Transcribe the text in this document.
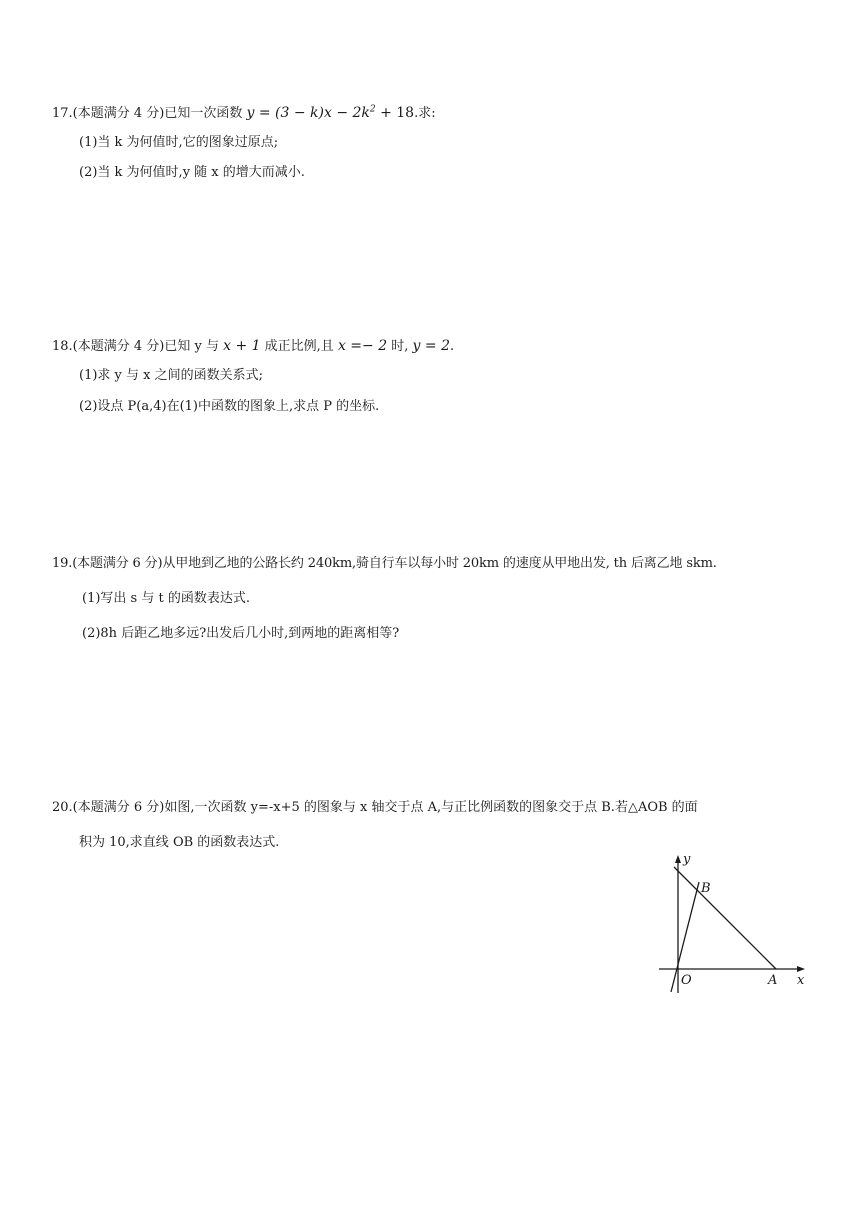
17.(本题满分 4 分)已知一次函数 $y = (3 - k)x - 2k^2 + 18$.求:
(1)当 k 为何值时,它的图象过原点;
(2)当 k 为何值时,y 随 x 的增大而减小.
18.(本题满分 4 分)已知 y 与 x + 1 成正比例,且 x =− 2 时, y = 2.
(1)求 y 与 x 之间的函数关系式;
(2)设点 P(a,4)在(1)中函数的图象上,求点 P 的坐标.
19.(本题满分 6 分)从甲地到乙地的公路长约 240km,骑自行车以每小时 20km 的速度从甲地出发, th 后离乙地 skm.
(1)写出 s 与 t 的函数表达式.
(2)8h 后距乙地多远?出发后几小时,到两地的距离相等?
20.(本题满分 6 分)如图,一次函数 y=-x+5 的图象与 x 轴交于点 A,与正比例函数的图象交于点 B.若△AOB 的面
积为 10,求直线 OB 的函数表达式.
y
x
O	A
B
